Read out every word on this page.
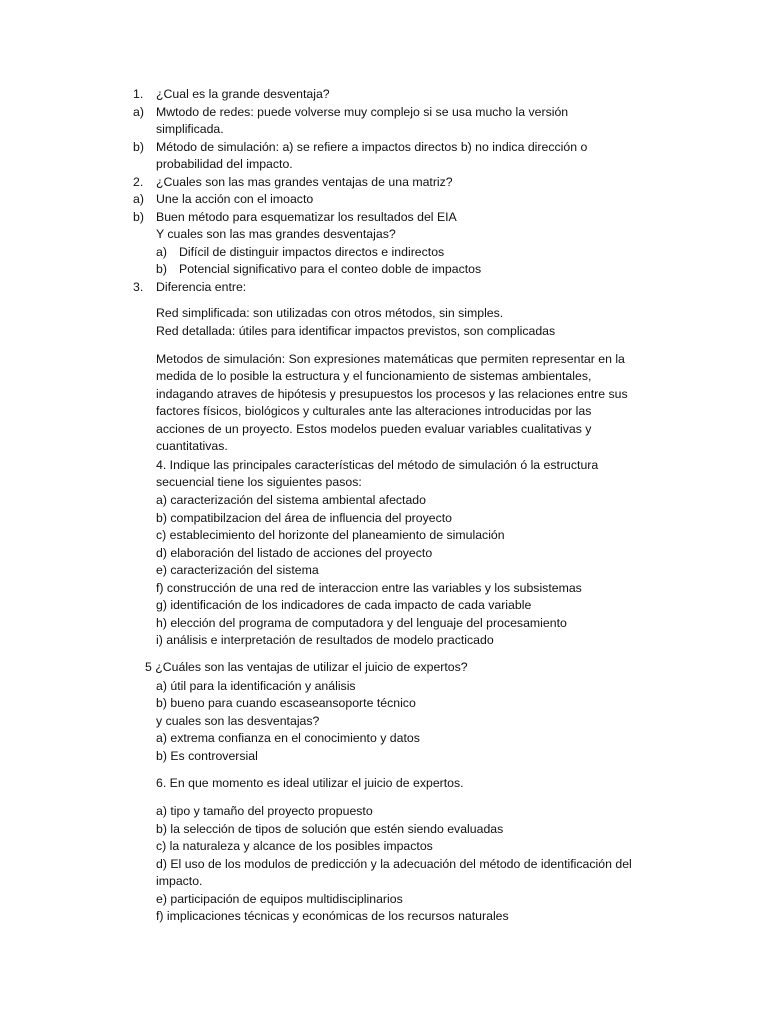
1. ¿Cual es la grande desventaja?
a) Mwtodo de redes: puede volverse muy complejo si se usa mucho la versión
simplificada.
b) Método de simulación: a) se refiere a impactos directos b) no indica dirección o
probabilidad del impacto.
2. ¿Cuales son las mas grandes ventajas de una matriz?
a) Une la acción con el imoacto
b) Buen método para esquematizar los resultados del EIA
Y cuales son las mas grandes desventajas?
a) Difícil de distinguir impactos directos e indirectos
b) Potencial significativo para el conteo doble de impactos
3. Diferencia entre:
Red simplificada: son utilizadas con otros métodos, sin simples.
Red detallada: útiles para identificar impactos previstos, son complicadas
Metodos de simulación: Son expresiones matemáticas que permiten representar en la
medida de lo posible la estructura y el funcionamiento de sistemas ambientales,
indagando atraves de hipótesis y presupuestos los procesos y las relaciones entre sus
factores físicos, biológicos y culturales ante las alteraciones introducidas por las
acciones de un proyecto. Estos modelos pueden evaluar variables cualitativas y
cuantitativas.
4. Indique las principales características del método de simulación ó la estructura
secuencial tiene los siguientes pasos:
a) caracterización del sistema ambiental afectado
b) compatibilzacion del área de influencia del proyecto
c) establecimiento del horizonte del planeamiento de simulación
d) elaboración del listado de acciones del proyecto
e) caracterización del sistema
f) construcción de una red de interaccion entre las variables y los subsistemas
g) identificación de los indicadores de cada impacto de cada variable
h) elección del programa de computadora y del lenguaje del procesamiento
i) análisis e interpretación de resultados de modelo practicado
5 ¿Cuáles son las ventajas de utilizar el juicio de expertos?
a) útil para la identificación y análisis
b) bueno para cuando escaseansoporte técnico
y cuales son las desventajas?
a) extrema confianza en el conocimiento y datos
b) Es controversial
6. En que momento es ideal utilizar el juicio de expertos.
a) tipo y tamaño del proyecto propuesto
b) la selección de tipos de solución que estén siendo evaluadas
c) la naturaleza y alcance de los posibles impactos
d) El uso de los modulos de predicción y la adecuación del método de identificación del
impacto.
e) participación de equipos multidisciplinarios
f) implicaciones técnicas y económicas de los recursos naturales
